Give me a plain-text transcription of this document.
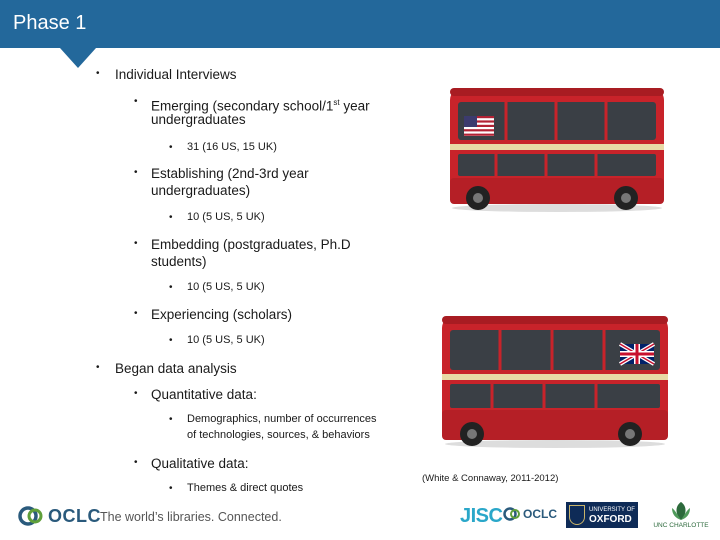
Phase 1
• Individual Interviews
• Emerging (secondary school/1st year
undergraduates
• 31 (16 US, 15 UK)
• Establishing (2nd-3rd year
undergraduates)
• 10 (5 US, 5 UK)
• Embedding (postgraduates, Ph.D
students)
• 10 (5 US, 5 UK)
• Experiencing (scholars)
• 10 (5 US, 5 UK)
• Began data analysis
• Quantitative data:
• Demographics, number of occurrences
of technologies, sources, & behaviors
• Qualitative data:
• Themes & direct quotes
(White & Connaway, 2011-2012)
OCLC The world’s libraries. Connected.	JISC OCLC	UNIVERSITY OF
OXFORD
UNC CHARLOTTE
